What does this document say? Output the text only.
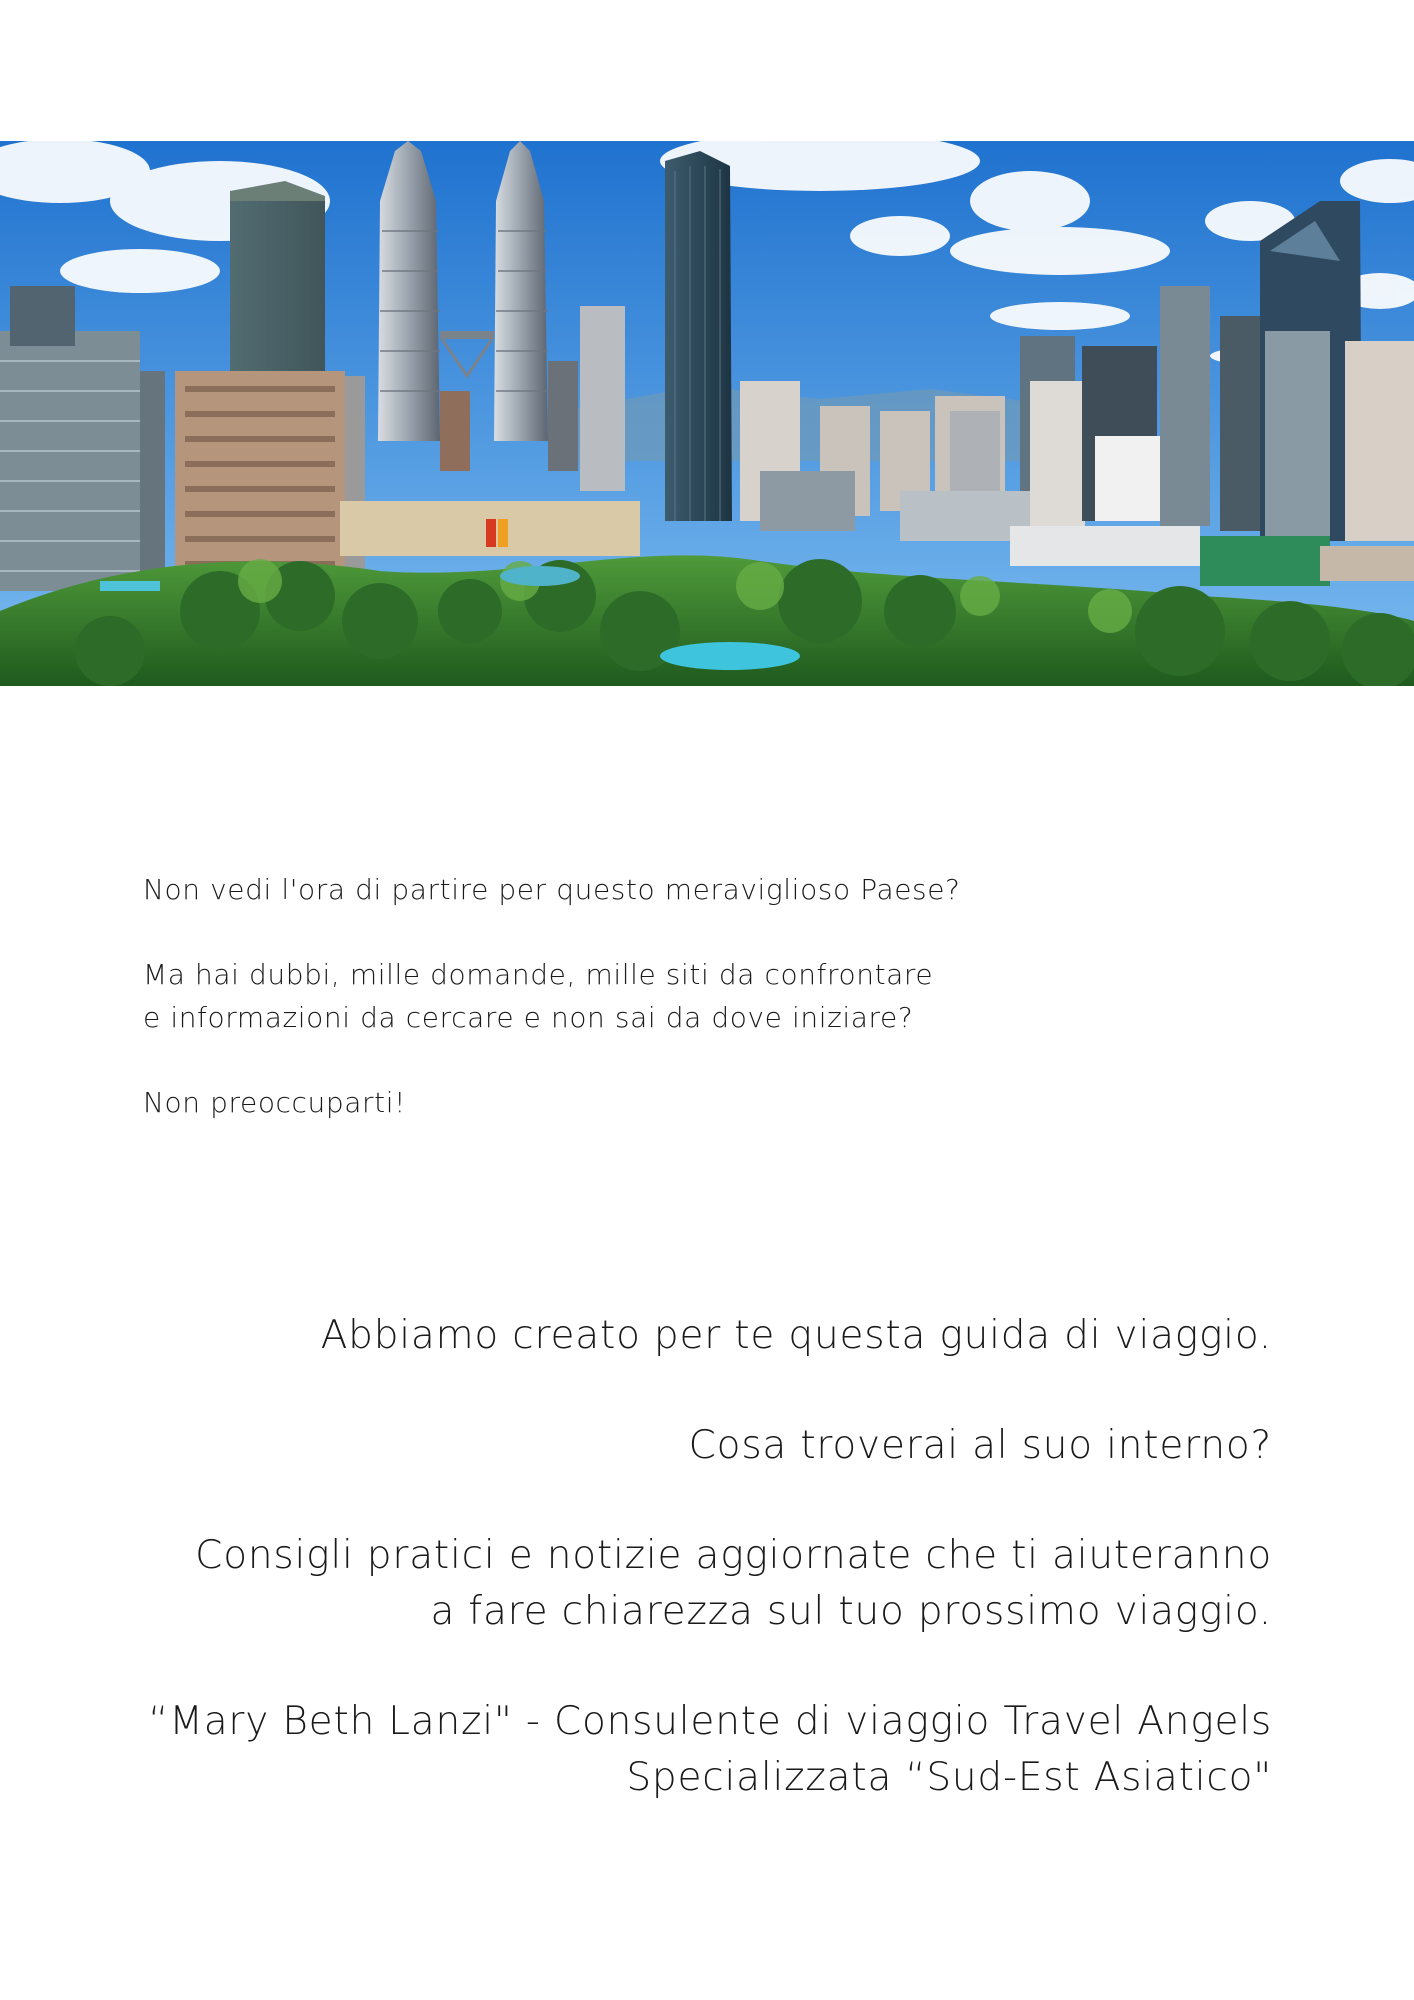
Non vedi l'ora di partire per questo meraviglioso Paese?

Ma hai dubbi, mille domande, mille siti da confrontare

e informazioni da cercare e non sai da dove iniziare?

Non preoccuparti!

Abbiamo creato per te questa guida di viaggio.

Cosa troverai al suo interno?

Consigli pratici e notizie aggiornate che ti aiuteranno

a fare chiarezza sul tuo prossimo viaggio.

“Mary Beth Lanzi" - Consulente di viaggio Travel Angels

Specializzata “Sud-Est Asiatico"
